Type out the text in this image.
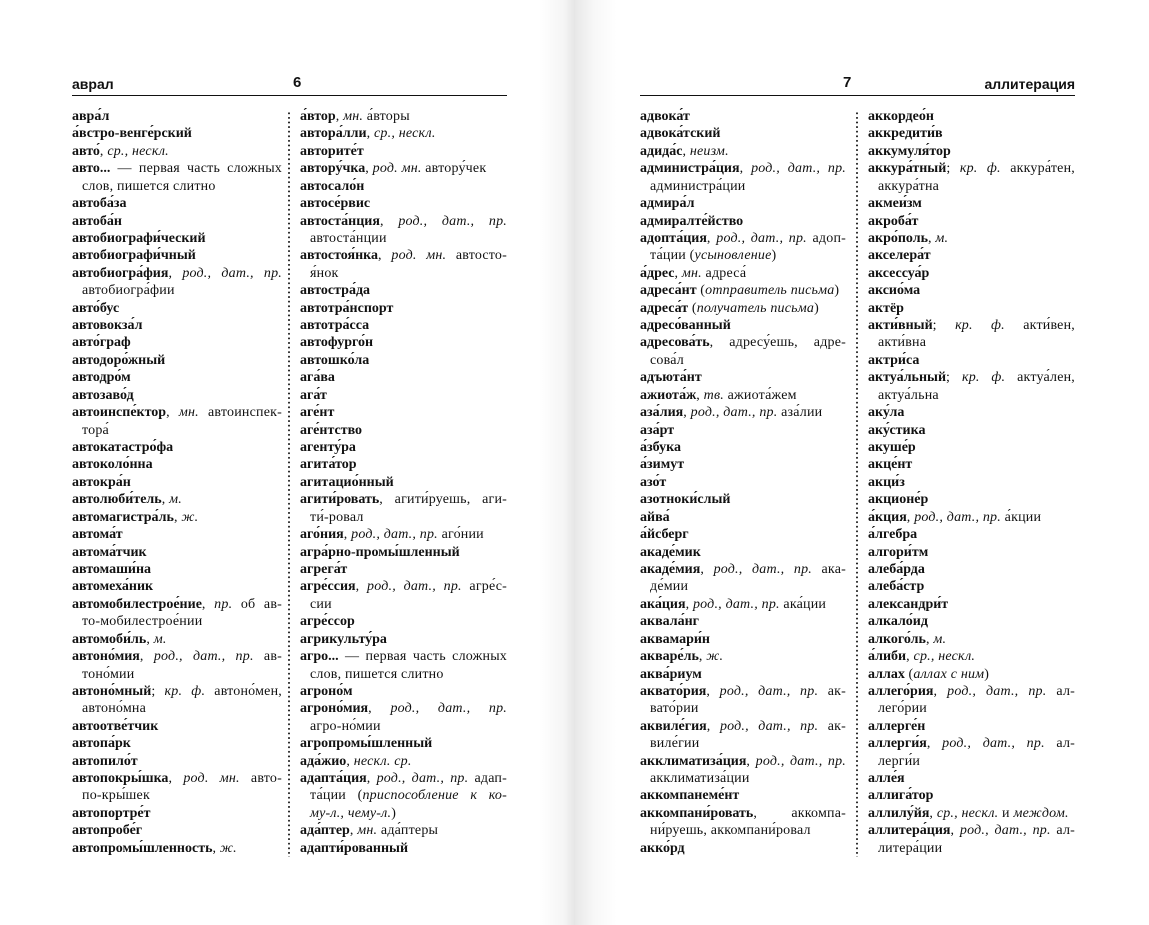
аврал	6
авра́л
а́встро-венге́рский
авто́, ср., нескл.
авто... — первая часть сложных
слов, пишется слитно
автоба́за
автоба́н
автобиографи́ческий
автобиографи́чный
автобиогра́фия, род., дат., пр.
автобиогра́фии
авто́бус
автовокза́л
авто́граф
автодоро́жный
автодро́м
автозаво́д
автоинспе́ктор, мн. автоинспек-
тора́
автокатастро́фа
автоколо́нна
автокра́н
автолюби́тель, м.
автомагистра́ль, ж.
автома́т
автома́тчик
автомаши́на
автомеха́ник
автомобилестрое́ние, пр. об ав-
то-мобилестрое́нии
автомоби́ль, м.
автоно́мия, род., дат., пр. ав-
тоно́мии
автоно́мный; кр. ф. автоно́мен,
автоно́мна
автоотве́тчик
автопа́рк
автопило́т
автопокры́шка, род. мн. авто-
по-кры́шек
автопортре́т
автопробе́г
автопромы́шленность, ж.
а́втор, мн. а́вторы
автора́лли, ср., нескл.
авторите́т
автору́чка, род. мн. автору́чек
автосало́н
автосе́рвис
автоста́нция, род., дат., пр.
автоста́нции
автостоя́нка, род. мн. автосто-
я́нок
автостра́да
автотра́нспорт
автотра́сса
автофурго́н
автошко́ла
ага́ва
ага́т
аге́нт
аге́нтство
агенту́ра
агита́тор
агитацио́нный
агити́ровать, агити́руешь, аги-
ти́-ровал
аго́ния, род., дат., пр. аго́нии
агра́рно-промы́шленный
агрега́т
агре́ссия, род., дат., пр. агре́с-
сии
агре́ссор
агрикульту́ра
агро... — первая часть сложных
слов, пишется слитно
агроно́м
агроно́мия, род., дат., пр.
агро-но́мии
агропромы́шленный
ада́жио, нескл. ср.
адапта́ция, род., дат., пр. адап-
та́ции (приспособление к ко-
му-л., чему-л.)
ада́птер, мн. ада́птеры
адапти́рованный
7	аллитерация
адвока́т
адвока́тский
адида́с, неизм.
администра́ция, род., дат., пр.
администра́ции
адмира́л
адмиралте́йство
адопта́ция, род., дат., пр. адоп-
та́ции (усыновление)
а́дрес, мн. адреса́
адреса́нт (отправитель письма)
адреса́т (получатель письма)
адресо́ванный
адресова́ть, адресу́ешь, адре-
сова́л
адъюта́нт
ажиота́ж, тв. ажиота́жем
аза́лия, род., дат., пр. аза́лии
аза́рт
а́збука
а́зимут
азо́т
азотноки́слый
айва́
а́йсберг
акаде́мик
акаде́мия, род., дат., пр. ака-
де́мии
ака́ция, род., дат., пр. ака́ции
аквала́нг
аквамари́н
акваре́ль, ж.
аква́риум
аквато́рия, род., дат., пр. ак-
вато́рии
аквиле́гия, род., дат., пр. ак-
виле́гии
акклиматиза́ция, род., дат., пр.
акклиматиза́ции
аккомпанеме́нт
аккомпани́ровать, аккомпа-
ни́руешь, аккомпани́ровал
акко́рд
аккордео́н
аккредити́в
аккумуля́тор
аккура́тный; кр. ф. аккура́тен,
аккура́тна
акмеи́зм
акроба́т
акро́поль, м.
акселера́т
аксессуа́р
аксио́ма
актёр
акти́вный; кр. ф. акти́вен,
акти́вна
актри́са
актуа́льный; кр. ф. актуа́лен,
актуа́льна
аку́ла
аку́стика
акуше́р
акце́нт
акци́з
акционе́р
а́кция, род., дат., пр. а́кции
а́лгебра
алгори́тм
алеба́рда
алеба́стр
александри́т
алкало́ид
алкого́ль, м.
а́либи, ср., нескл.
аллах (аллах с ним)
аллего́рия, род., дат., пр. ал-
лего́рии
аллерге́н
аллерги́я, род., дат., пр. ал-
лерги́и
алле́я
аллига́тор
аллилу́йя, ср., нескл. и междом.
аллитера́ция, род., дат., пр. ал-
литера́ции
